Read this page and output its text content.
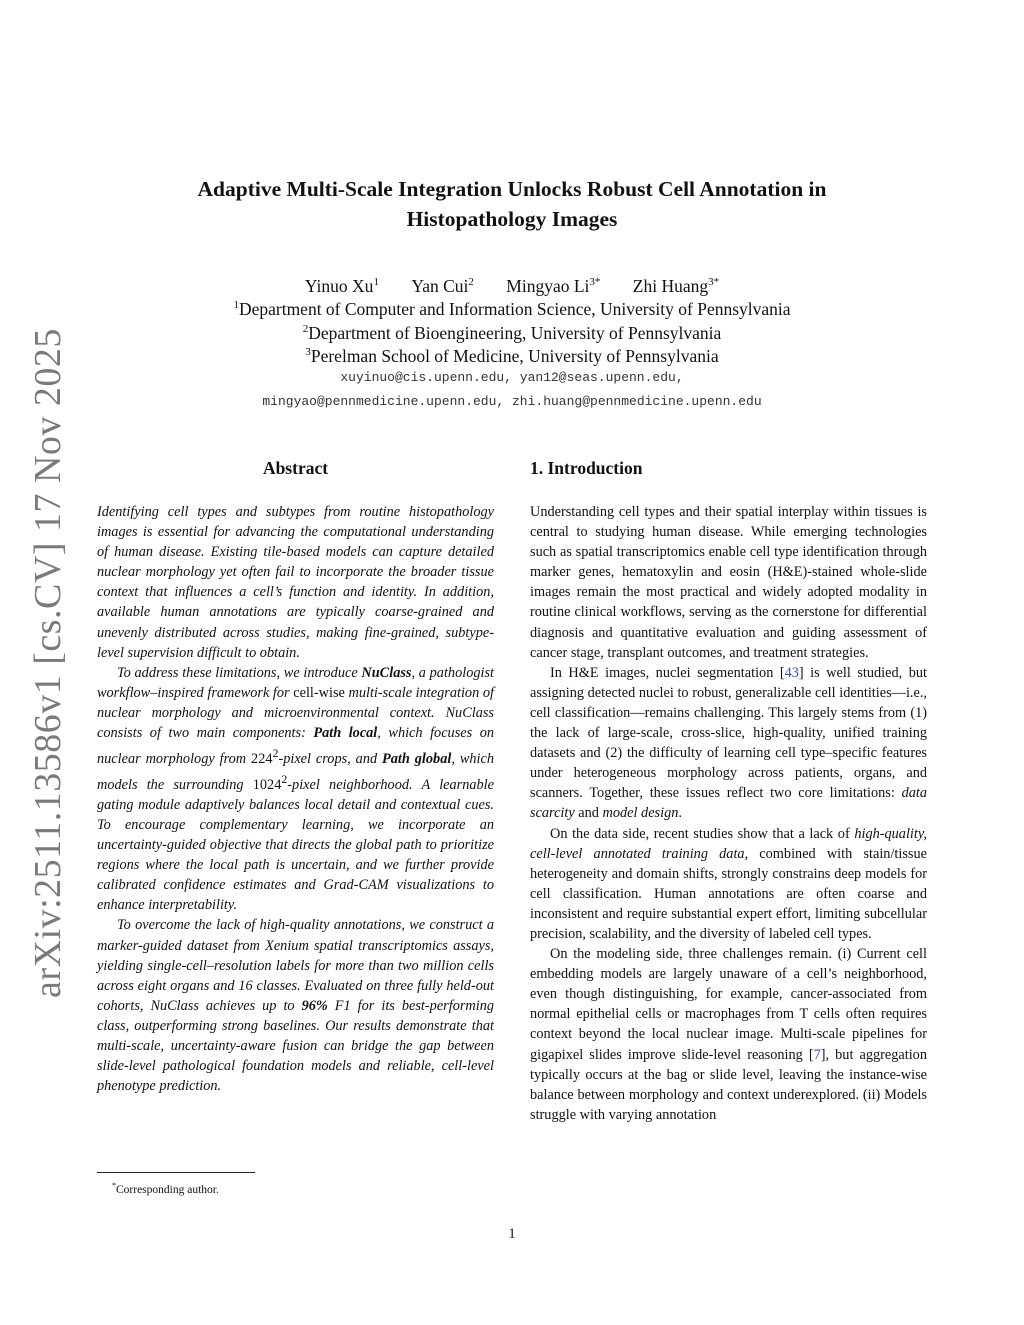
arXiv:2511.13586v1 [cs.CV] 17 Nov 2025
Adaptive Multi-Scale Integration Unlocks Robust Cell Annotation in
Histopathology Images
Yinuo Xu$^1$ Yan Cui$^2$ Mingyao $Li^{3*}$ Zhi Huang$^{3*}$
$^1$Department of Computer and Information Science, University of Pennsylvania
$^2$Department of Bioengineering, University of Pennsylvania
$^3$Perelman School of Medicine, University of Pennsylvania
xuyinuo@cis.upenn.edu, yan12@seas.upenn.edu,
mingyao@pennmedicine.upenn.edu, zhi.huang@pennmedicine.upenn.edu
Abstract

Identifying cell types and subtypes from routine histopathology images is essential for advancing the computational understanding of human disease. Existing tile-based models can capture detailed nuclear morphology yet often fail to incorporate the broader tissue context that influences a cell’s function and identity. In addition, available human annotations are typically coarse-grained and unevenly distributed across studies, making fine-grained, subtype-level supervision difficult to obtain.

To address these limitations, we introduce NuClass, a pathologist workflow–inspired framework for cell-wise multi-scale integration of nuclear morphology and microenvironmental context. NuClass consists of two main components: Path local, which focuses on nuclear morphology from $224^2$-pixel crops, and Path global, which models the surrounding 1024$^2$-pixel neighborhood. A learnable gating module adaptively balances local detail and contextual cues. To encourage complementary learning, we incorporate an uncertainty-guided objective that directs the global path to prioritize regions where the local path is uncertain, and we further provide calibrated confidence estimates and Grad-CAM visualizations to enhance interpretability.

To overcome the lack of high-quality annotations, we construct a marker-guided dataset from Xenium spatial transcriptomics assays, yielding single-cell–resolution labels for more than two million cells across eight organs and 16 classes. Evaluated on three fully held-out cohorts, NuClass achieves up to 96% F1 for its best-performing class, outperforming strong baselines. Our results demonstrate that multi-scale, uncertainty-aware fusion can bridge the gap between slide-level pathological foundation models and reliable, cell-level phenotype prediction.

1. Introduction

Understanding cell types and their spatial interplay within tissues is central to studying human disease. While emerging technologies such as spatial transcriptomics enable cell type identification through marker genes, hematoxylin and eosin (H&E)-stained whole-slide images remain the most practical and widely adopted modality in routine clinical workflows, serving as the cornerstone for differential diagnosis and quantitative evaluation and guiding assessment of cancer stage, transplant outcomes, and treatment strategies.

In H&E images, nuclei segmentation [43] is well studied, but assigning detected nuclei to robust, generalizable cell identities—i.e., cell classification—remains challenging. This largely stems from (1) the lack of large-scale, cross-slice, high-quality, unified training datasets and (2) the difficulty of learning cell type–specific features under heterogeneous morphology across patients, organs, and scanners. Together, these issues reflect two core limitations: data scarcity and model design.

On the data side, recent studies show that a lack of high-quality, cell-level annotated training data, combined with stain/tissue heterogeneity and domain shifts, strongly constrains deep models for cell classification. Human annotations are often coarse and inconsistent and require substantial expert effort, limiting subcellular precision, scalability, and the diversity of labeled cell types.

On the modeling side, three challenges remain. (i) Current cell embedding models are largely unaware of a cell’s neighborhood, even though distinguishing, for example, cancer-associated from normal epithelial cells or macrophages from T cells often requires context beyond the local nuclear image. Multi-scale pipelines for gigapixel slides improve slide-level reasoning [7], but aggregation typically occurs at the bag or slide level, leaving the instance-wise balance between morphology and context underexplored. (ii) Models struggle with varying annotation

*Corresponding author.
1
